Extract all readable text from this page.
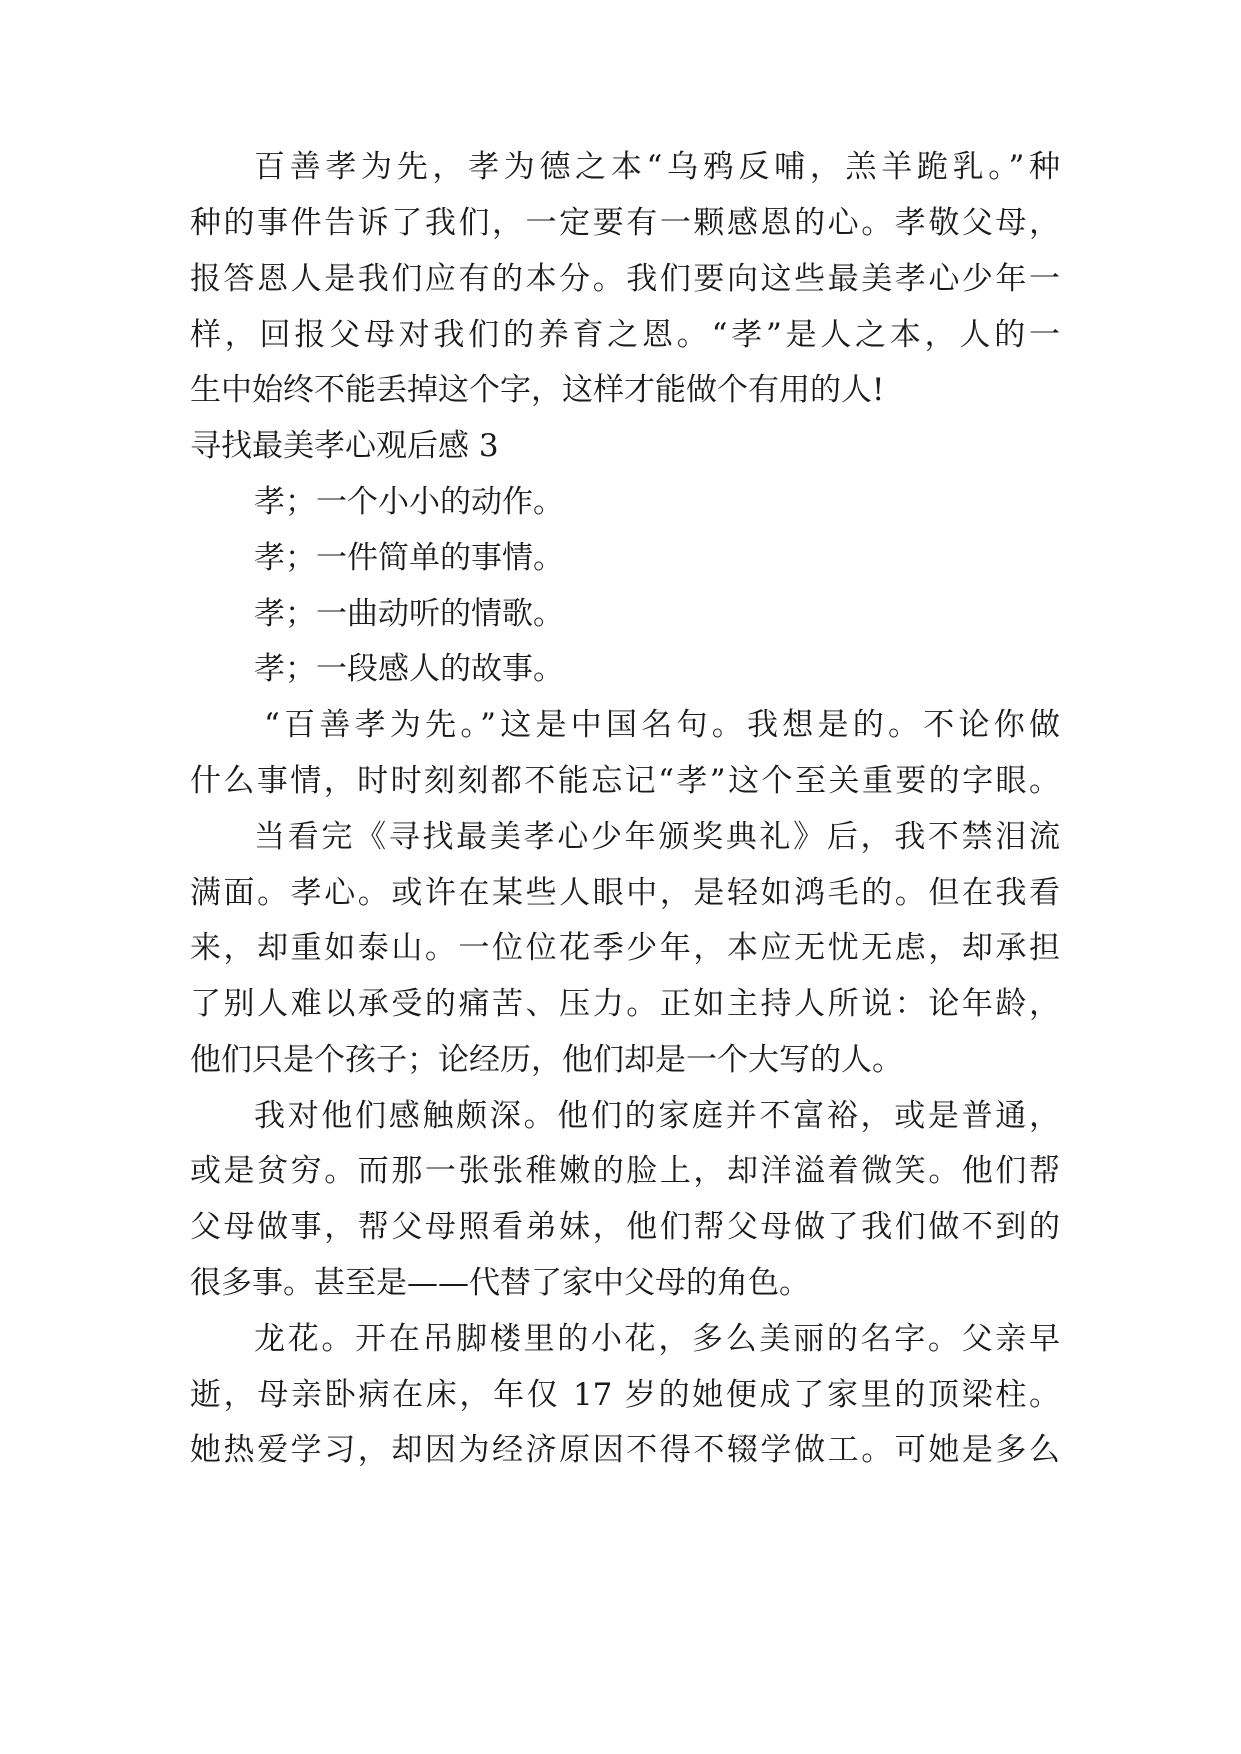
百善孝为先，孝为德之本“乌鸦反哺，羔羊跪乳。”种
种的事件告诉了我们，一定要有一颗感恩的心。孝敬父母，
报答恩人是我们应有的本分。我们要向这些最美孝心少年一
样，回报父母对我们的养育之恩。“孝”是人之本，人的一
生中始终不能丢掉这个字，这样才能做个有用的人!
寻找最美孝心观后感 3
孝；一个小小的动作。
孝；一件简单的事情。
孝；一曲动听的情歌。
孝；一段感人的故事。
“百善孝为先。”这是中国名句。我想是的。不论你做
什么事情，时时刻刻都不能忘记“孝”这个至关重要的字眼。
当看完《寻找最美孝心少年颁奖典礼》后，我不禁泪流
满面。孝心。或许在某些人眼中，是轻如鸿毛的。但在我看
来，却重如泰山。一位位花季少年，本应无忧无虑，却承担
了别人难以承受的痛苦、压力。正如主持人所说：论年龄，
他们只是个孩子；论经历，他们却是一个大写的人。
我对他们感触颇深。他们的家庭并不富裕，或是普通，
或是贫穷。而那一张张稚嫩的脸上，却洋溢着微笑。他们帮
父母做事，帮父母照看弟妹，他们帮父母做了我们做不到的
很多事。甚至是——代替了家中父母的角色。
龙花。开在吊脚楼里的小花，多么美丽的名字。父亲早
逝，母亲卧病在床，年仅 17 岁的她便成了家里的顶梁柱。
她热爱学习，却因为经济原因不得不辍学做工。可她是多么
